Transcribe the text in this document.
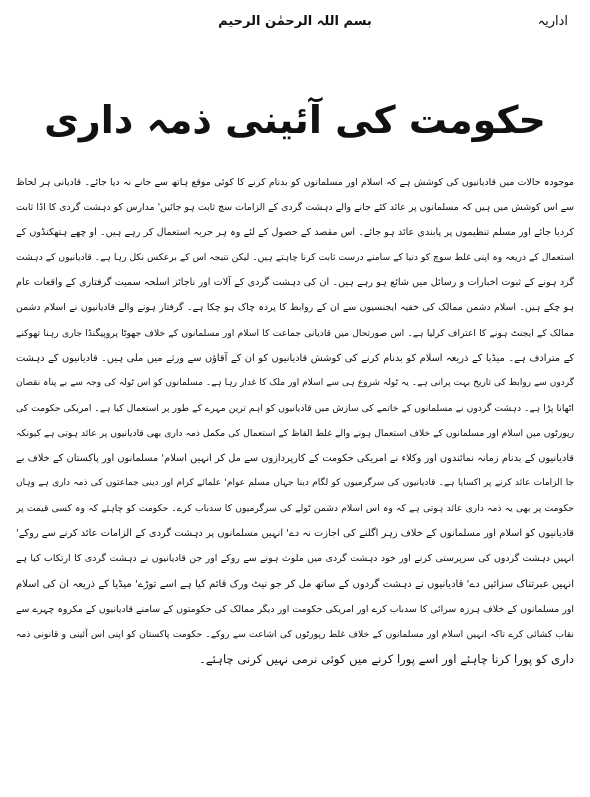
اداریہ
بسم اللہ الرحمٰن الرحیم
حکومت کی آئینی ذمہ داری
موجودہ حالات میں قادیانیوں کی کوشش ہے کہ اسلام اور مسلمانوں کو بدنام کرنے کا کوئی موقع ہاتھ سے جانے نہ دیا جائے۔ قادیانی ہر لحاظ
سے اس کوشش میں ہیں کہ مسلمانوں پر عائد کئے جانے والے دہشت گردی کے الزامات سچ ثابت ہو جائیں' مدارس کو دہشت گردی کا اڈا ثابت
کردیا جائے اور مسلم تنظیموں پر پابندی عائد ہو جائے۔ اس مقصد کے حصول کے لئے وہ ہر حربہ استعمال کر رہے ہیں۔ او چھے ہتھکنڈوں کے
استعمال کے ذریعہ وہ اپنی غلط سوچ کو دنیا کے سامنے درست ثابت کرنا چاہتے ہیں۔ لیکن نتیجہ اس کے برعکس نکل رہا ہے۔ قادیانیوں کے دہشت
گرد ہونے کے ثبوت اخبارات و رسائل میں شائع ہو رہے ہیں۔ ان کی دہشت گردی کے آلات اور ناجائز اسلحہ سمیت گرفتاری کے واقعات عام
ہو چکے ہیں۔ اسلام دشمن ممالک کی خفیہ ایجنسیوں سے ان کے روابط کا پردہ چاک ہو چکا ہے۔ گرفتار ہونے والے قادیانیوں نے اسلام دشمن
ممالک کے ایجنٹ ہونے کا اعتراف کرلیا ہے۔ اس صورتحال میں قادیانی جماعت کا اسلام اور مسلمانوں کے خلاف جھوٹا پروپیگنڈا جاری رہنا تھوکنے
کے مترادف ہے۔ میڈیا کے ذریعہ اسلام کو بدنام کرنے کی کوشش قادیانیوں کو ان کے آقاؤں سے ورثے میں ملی ہیں۔ قادیانیوں کے دہشت
گردوں سے روابط کی تاریخ بہت پرانی ہے۔ یہ ٹولہ شروع ہی سے اسلام اور ملک کا غدار رہا ہے۔ مسلمانوں کو اس ٹولہ کی وجہ سے بے پناہ نقصان
اٹھانا پڑا ہے۔ دہشت گردوں نے مسلمانوں کے خاتمے کی سازش میں قادیانیوں کو اہم ترین مہرے کے طور پر استعمال کیا ہے۔ امریکی حکومت کی
رپورٹوں میں اسلام اور مسلمانوں کے خلاف استعمال ہونے والے غلط الفاظ کے استعمال کی مکمل ذمہ داری بھی قادیانیوں پر عائد ہوتی ہے کیونکہ
قادیانیوں کے بدنام زمانہ نمائندوں اور وکلاء نے امریکی حکومت کے کارپردازوں سے مل کر انہیں اسلام' مسلمانوں اور پاکستان کے خلاف بے
جا الزامات عائد کرنے پر اکسایا ہے۔ قادیانیوں کی سرگرمیوں کو لگام دینا جہاں مسلم عوام' علمائے کرام اور دینی جماعتوں کی ذمہ داری ہے وہاں
حکومت پر بھی یہ ذمہ داری عائد ہوتی ہے کہ وہ اس اسلام دشمن ٹولے کی سرگرمیوں کا سدباب کرے۔ حکومت کو چاہئے کہ وہ کسی قیمت پر
قادیانیوں کو اسلام اور مسلمانوں کے خلاف زہر اگلنے کی اجازت نہ دے' انہیں مسلمانوں پر دہشت گردی کے الزامات عائد کرنے سے روکے'
انہیں دہشت گردوں کی سرپرستی کرنے اور خود دہشت گردی میں ملوث ہونے سے روکے اور جن قادیانیوں نے دہشت گردی کا ارتکاب کیا ہے
انہیں عبرتناک سزائیں دے' قادیانیوں نے دہشت گردوں کے ساتھ مل کر جو نیٹ ورک قائم کیا ہے اسے توڑے' میڈیا کے ذریعہ ان کی اسلام
اور مسلمانوں کے خلاف ہرزہ سرائی کا سدباب کرے اور امریکی حکومت اور دیگر ممالک کی حکومتوں کے سامنے قادیانیوں کے مکروہ چہرے سے
نقاب کشائی کرے تاکہ انہیں اسلام اور مسلمانوں کے خلاف غلط رپورٹوں کی اشاعت سے روکے۔ حکومت پاکستان کو اپنی اس آئینی و قانونی ذمہ
داری کو پورا کرنا چاہئے اور اسے پورا کرنے میں کوئی نرمی نہیں کرنی چاہئے۔
